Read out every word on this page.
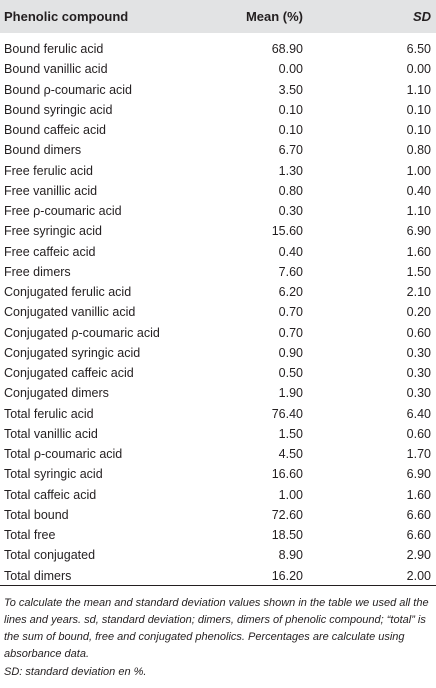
Phenolic compound	Mean (%)	SD
Bound ferulic acid	68.90	6.50
Bound vanillic acid	0.00	0.00
Bound ρ-coumaric acid	3.50	1.10
Bound syringic acid	0.10	0.10
Bound caffeic acid	0.10	0.10
Bound dimers	6.70	0.80
Free ferulic acid	1.30	1.00
Free vanillic acid	0.80	0.40
Free ρ-coumaric acid	0.30	1.10
Free syringic acid	15.60	6.90
Free caffeic acid	0.40	1.60
Free dimers	7.60	1.50
Conjugated ferulic acid	6.20	2.10
Conjugated vanillic acid	0.70	0.20
Conjugated ρ-coumaric acid	0.70	0.60
Conjugated syringic acid	0.90	0.30
Conjugated caffeic acid	0.50	0.30
Conjugated dimers	1.90	0.30
Total ferulic acid	76.40	6.40
Total vanillic acid	1.50	0.60
Total ρ-coumaric acid	4.50	1.70
Total syringic acid	16.60	6.90
Total caffeic acid	1.00	1.60
Total bound	72.60	6.60
Total free	18.50	6.60
Total conjugated	8.90	2.90
Total dimers	16.20	2.00
To calculate the mean and standard deviation values shown in the table we used all the lines and years. sd, standard deviation; dimers, dimers of phenolic compound; “total” is the sum of bound, free and conjugated phenolics. Percentages are calculate using absorbance data.
SD: standard deviation en %.
